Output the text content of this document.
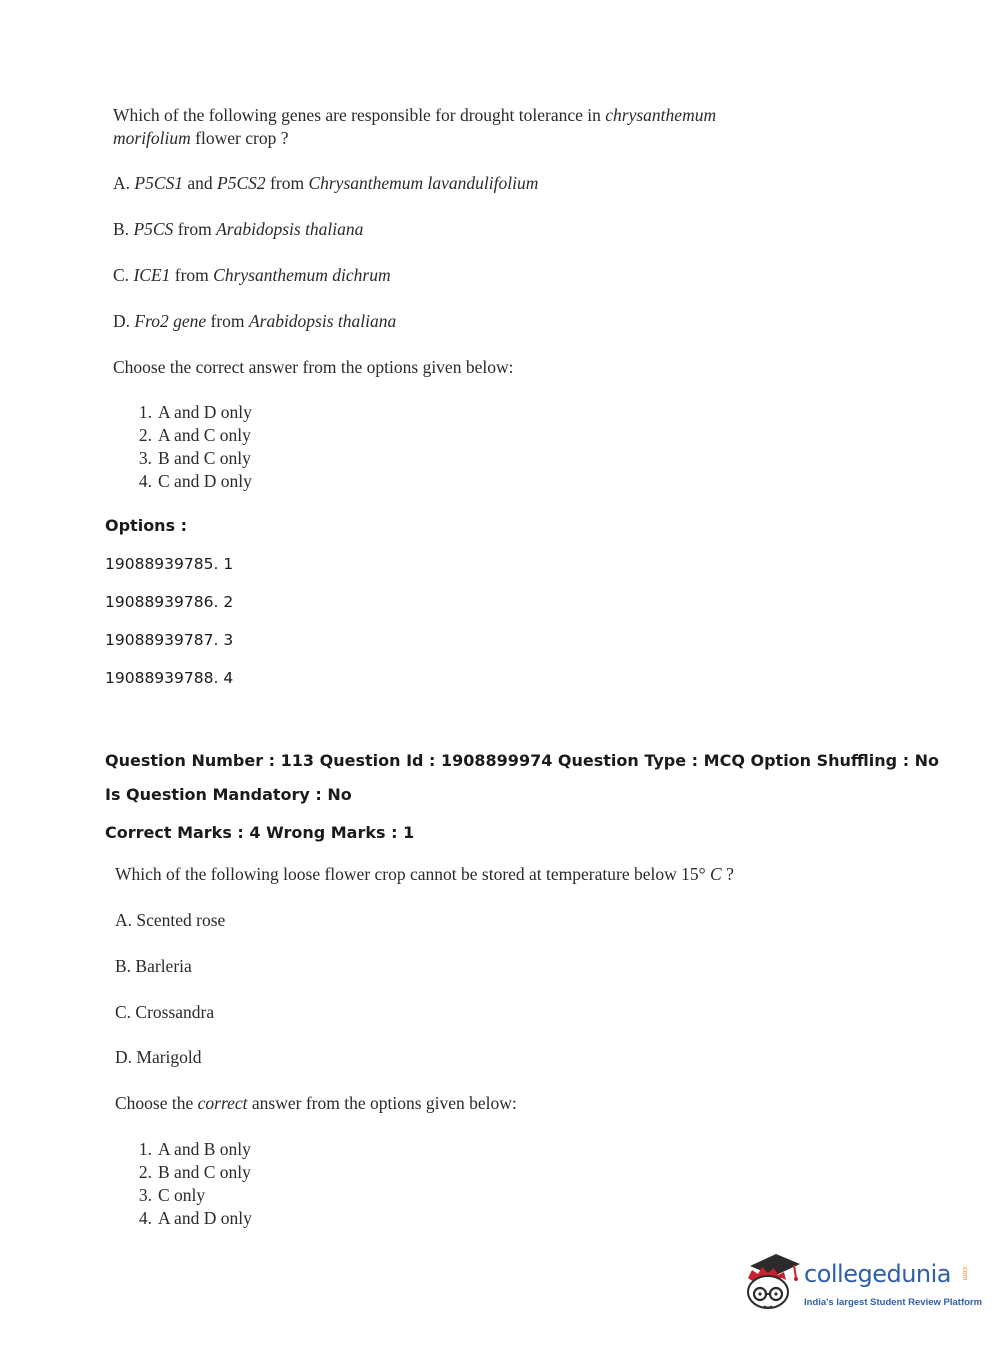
Which of the following genes are responsible for drought tolerance in chrysanthemum
morifolium flower crop ?
A. P5CS1 and P5CS2 from Chrysanthemum lavandulifolium
B. P5CS from Arabidopsis thaliana
C. ICE1 from Chrysanthemum dichrum
D. Fro2 gene from Arabidopsis thaliana
Choose the correct answer from the options given below:
1. A and D only
2. A and C only
3. B and C only
4. C and D only
Options :
19088939785. 1
19088939786. 2
19088939787. 3
19088939788. 4
Question Number : 113 Question Id : 1908899974 Question Type : MCQ Option Shuffling : No
Is Question Mandatory : No
Correct Marks : 4 Wrong Marks : 1
Which of the following loose flower crop cannot be stored at temperature below 15° C ?
A. Scented rose
B. Barleria
C. Crossandra
D. Marigold
Choose the correct answer from the options given below:
1. A and B only
2. B and C only
3. C only
4. A and D only
collegedunia .com
India's largest Student Review Platform
